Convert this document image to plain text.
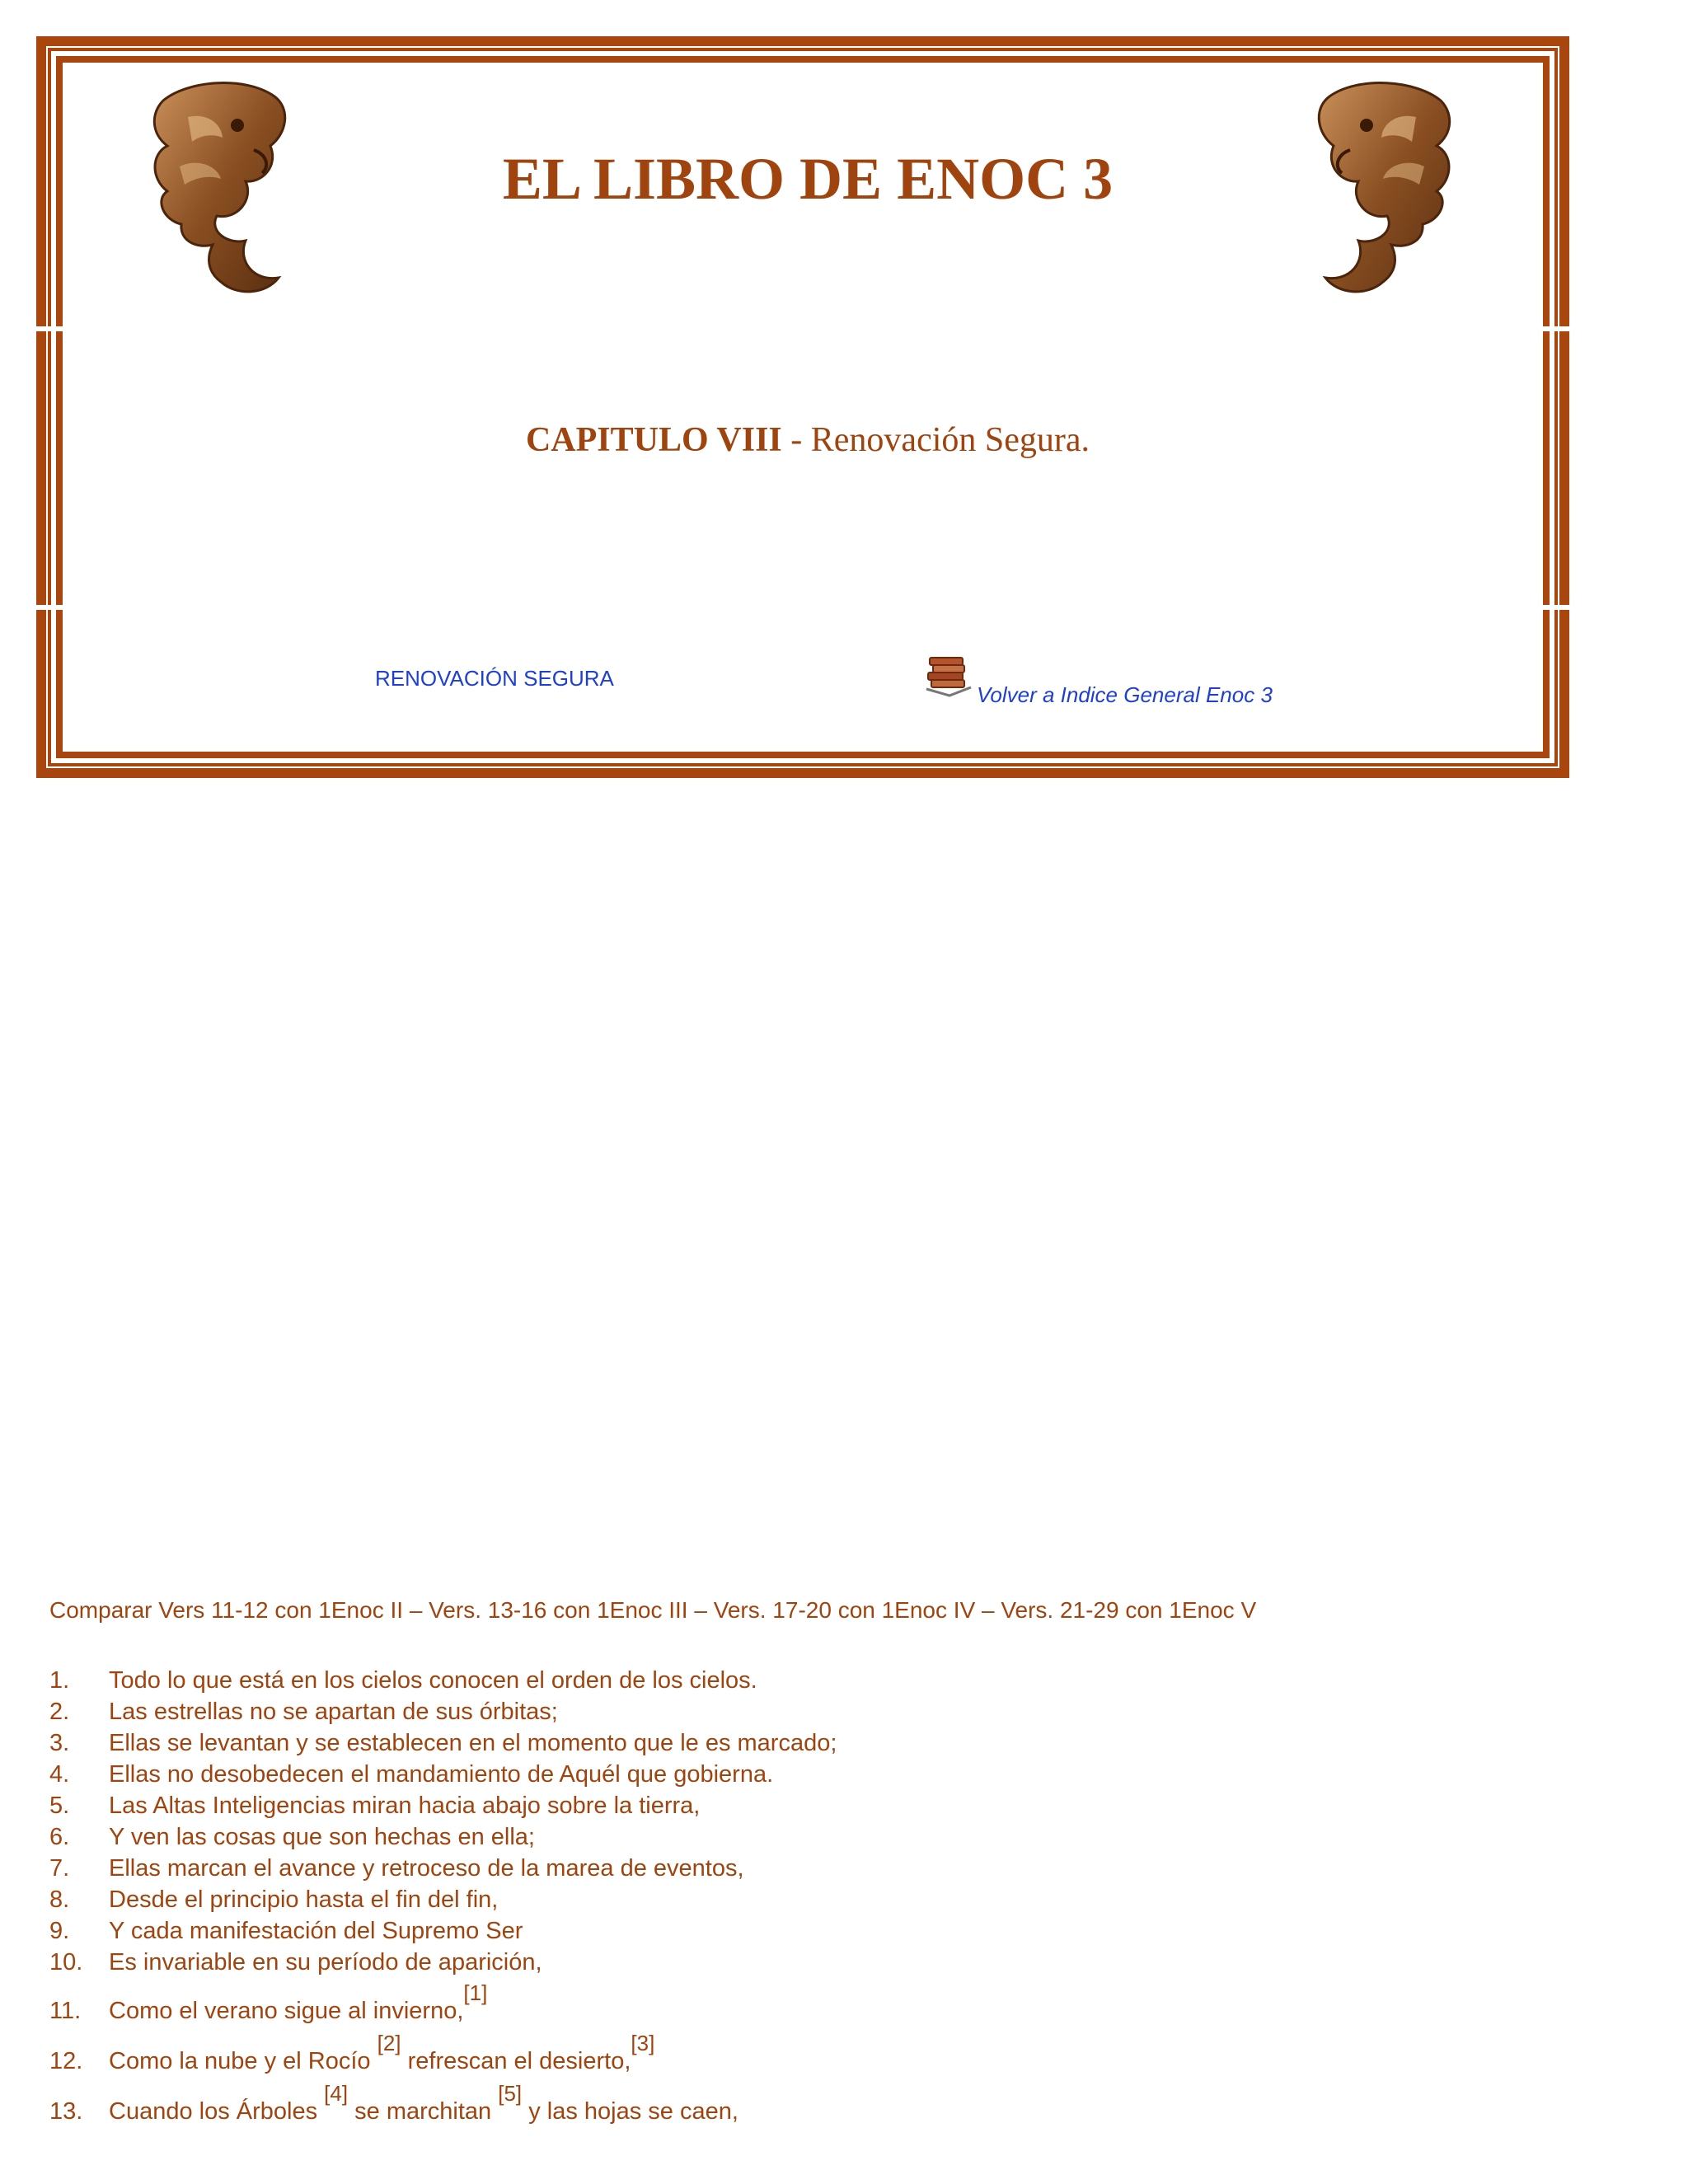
EL LIBRO DE ENOC 3
CAPITULO VIII - Renovación Segura.
RENOVACIÓN SEGURA
Volver a Indice General Enoc 3
Comparar Vers 11-12 con 1Enoc II – Vers. 13-16 con 1Enoc III – Vers. 17-20 con 1Enoc IV – Vers. 21-29 con 1Enoc V
1. Todo lo que está en los cielos conocen el orden de los cielos.
2. Las estrellas no se apartan de sus órbitas;
3. Ellas se levantan y se establecen en el momento que le es marcado;
4. Ellas no desobedecen el mandamiento de Aquél que gobierna.
5. Las Altas Inteligencias miran hacia abajo sobre la tierra,
6. Y ven las cosas que son hechas en ella;
7. Ellas marcan el avance y retroceso de la marea de eventos,
8. Desde el principio hasta el fin del fin,
9. Y cada manifestación del Supremo Ser
10. Es invariable en su período de aparición,
11. Como el verano sigue al invierno,[1]
12. Como la nube y el Rocío [2] refrescan el desierto,[3]
13. Cuando los Árboles [4] se marchitan [5] y las hojas se caen,
